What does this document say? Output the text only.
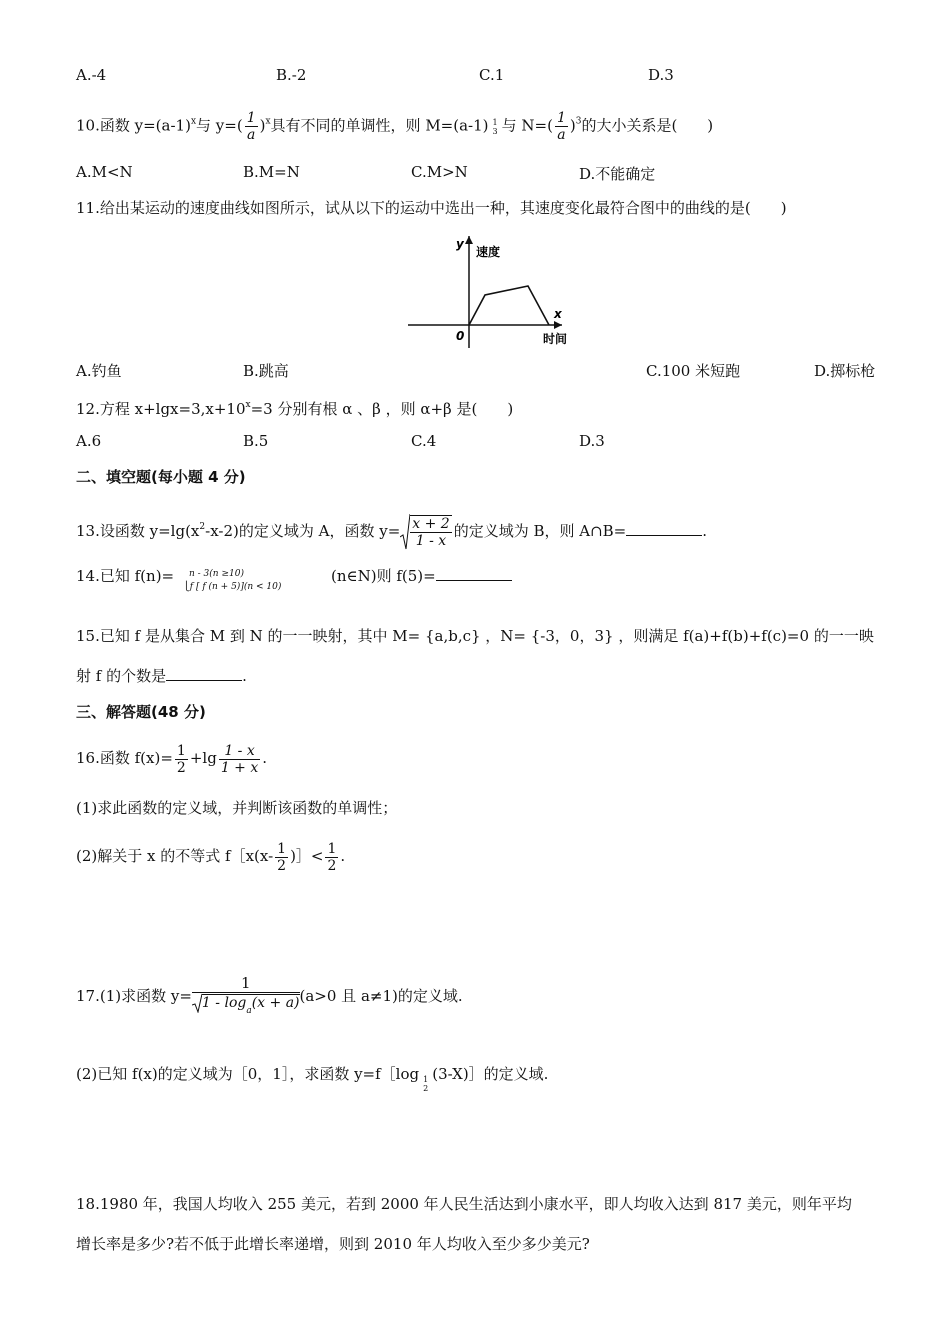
A.-4	B.-2	C.1	D.3
10.函数 $y=(a-1)^x$与 $y=( \frac{1}{a} )^x$具有不同的单调性，则 M=(a-1) 1
3 与 $N=( \frac{1}{a} )^3$的大小关系是(　　)
A.M<N	B.M=N	C.M>N	D.不能确定
11.给出某运动的速度曲线如图所示，试从以下的运动中选出一种，其速度变化最符合图中的曲线的是(　　)
y
速度
x
时间
0
A.钓鱼	B.跳高	C.100 米短跑	D.掷标枪
12.方程 $x+\lg x=3,x+10^x=3$ 分别有根 α 、β ，则 α+β 是(　　)
A.6	B.5	C.4	D.3
二、填空题(每小题 4 分)
13.设函数 $y=\lg(x^2-x-2)$的定义域为 A，函数 $y= \frac{x + 2}{1 - x}$ 的定义域为 B，则 A∩B=	.
14.已知 f(n)=	n - 3(n ≥10)
⎩f [ f (n + 5)](n < 10)
(n∈N)则 f(5)=
15.已知 f 是从集合 M 到 N 的一一映射，其中 M= {a,b,c} ，N= {-3，0，3} ，则满足 f(a)+f(b)+f(c)=0 的一一映
射 f 的个数是	.
三、解答题(48 分)
16.函数 $f(x)= \frac{1}{2} +\lg \frac{1 - x}{1 + x}$ .
(1)求此函数的定义域，并判断该函数的单调性；
(2)解关于 x 的不等式 f［x(x- $\frac{1}{2}$ )］< $\frac{1}{2}$ .
17.(1)求函数 $y= \frac{1}{1 - \log_a(x + a)} (a>0$ 且 a≠1)的定义域.
(2)已知 f(x)的定义域为［0，1］，求函数 y=f［log 1
2
(3-X)］的定义域.
18.1980 年，我国人均收入 255 美元，若到 2000 年人民生活达到小康水平，即人均收入达到 817 美元，则年平均
增长率是多少?若不低于此增长率递增，则到 2010 年人均收入至少多少美元?
